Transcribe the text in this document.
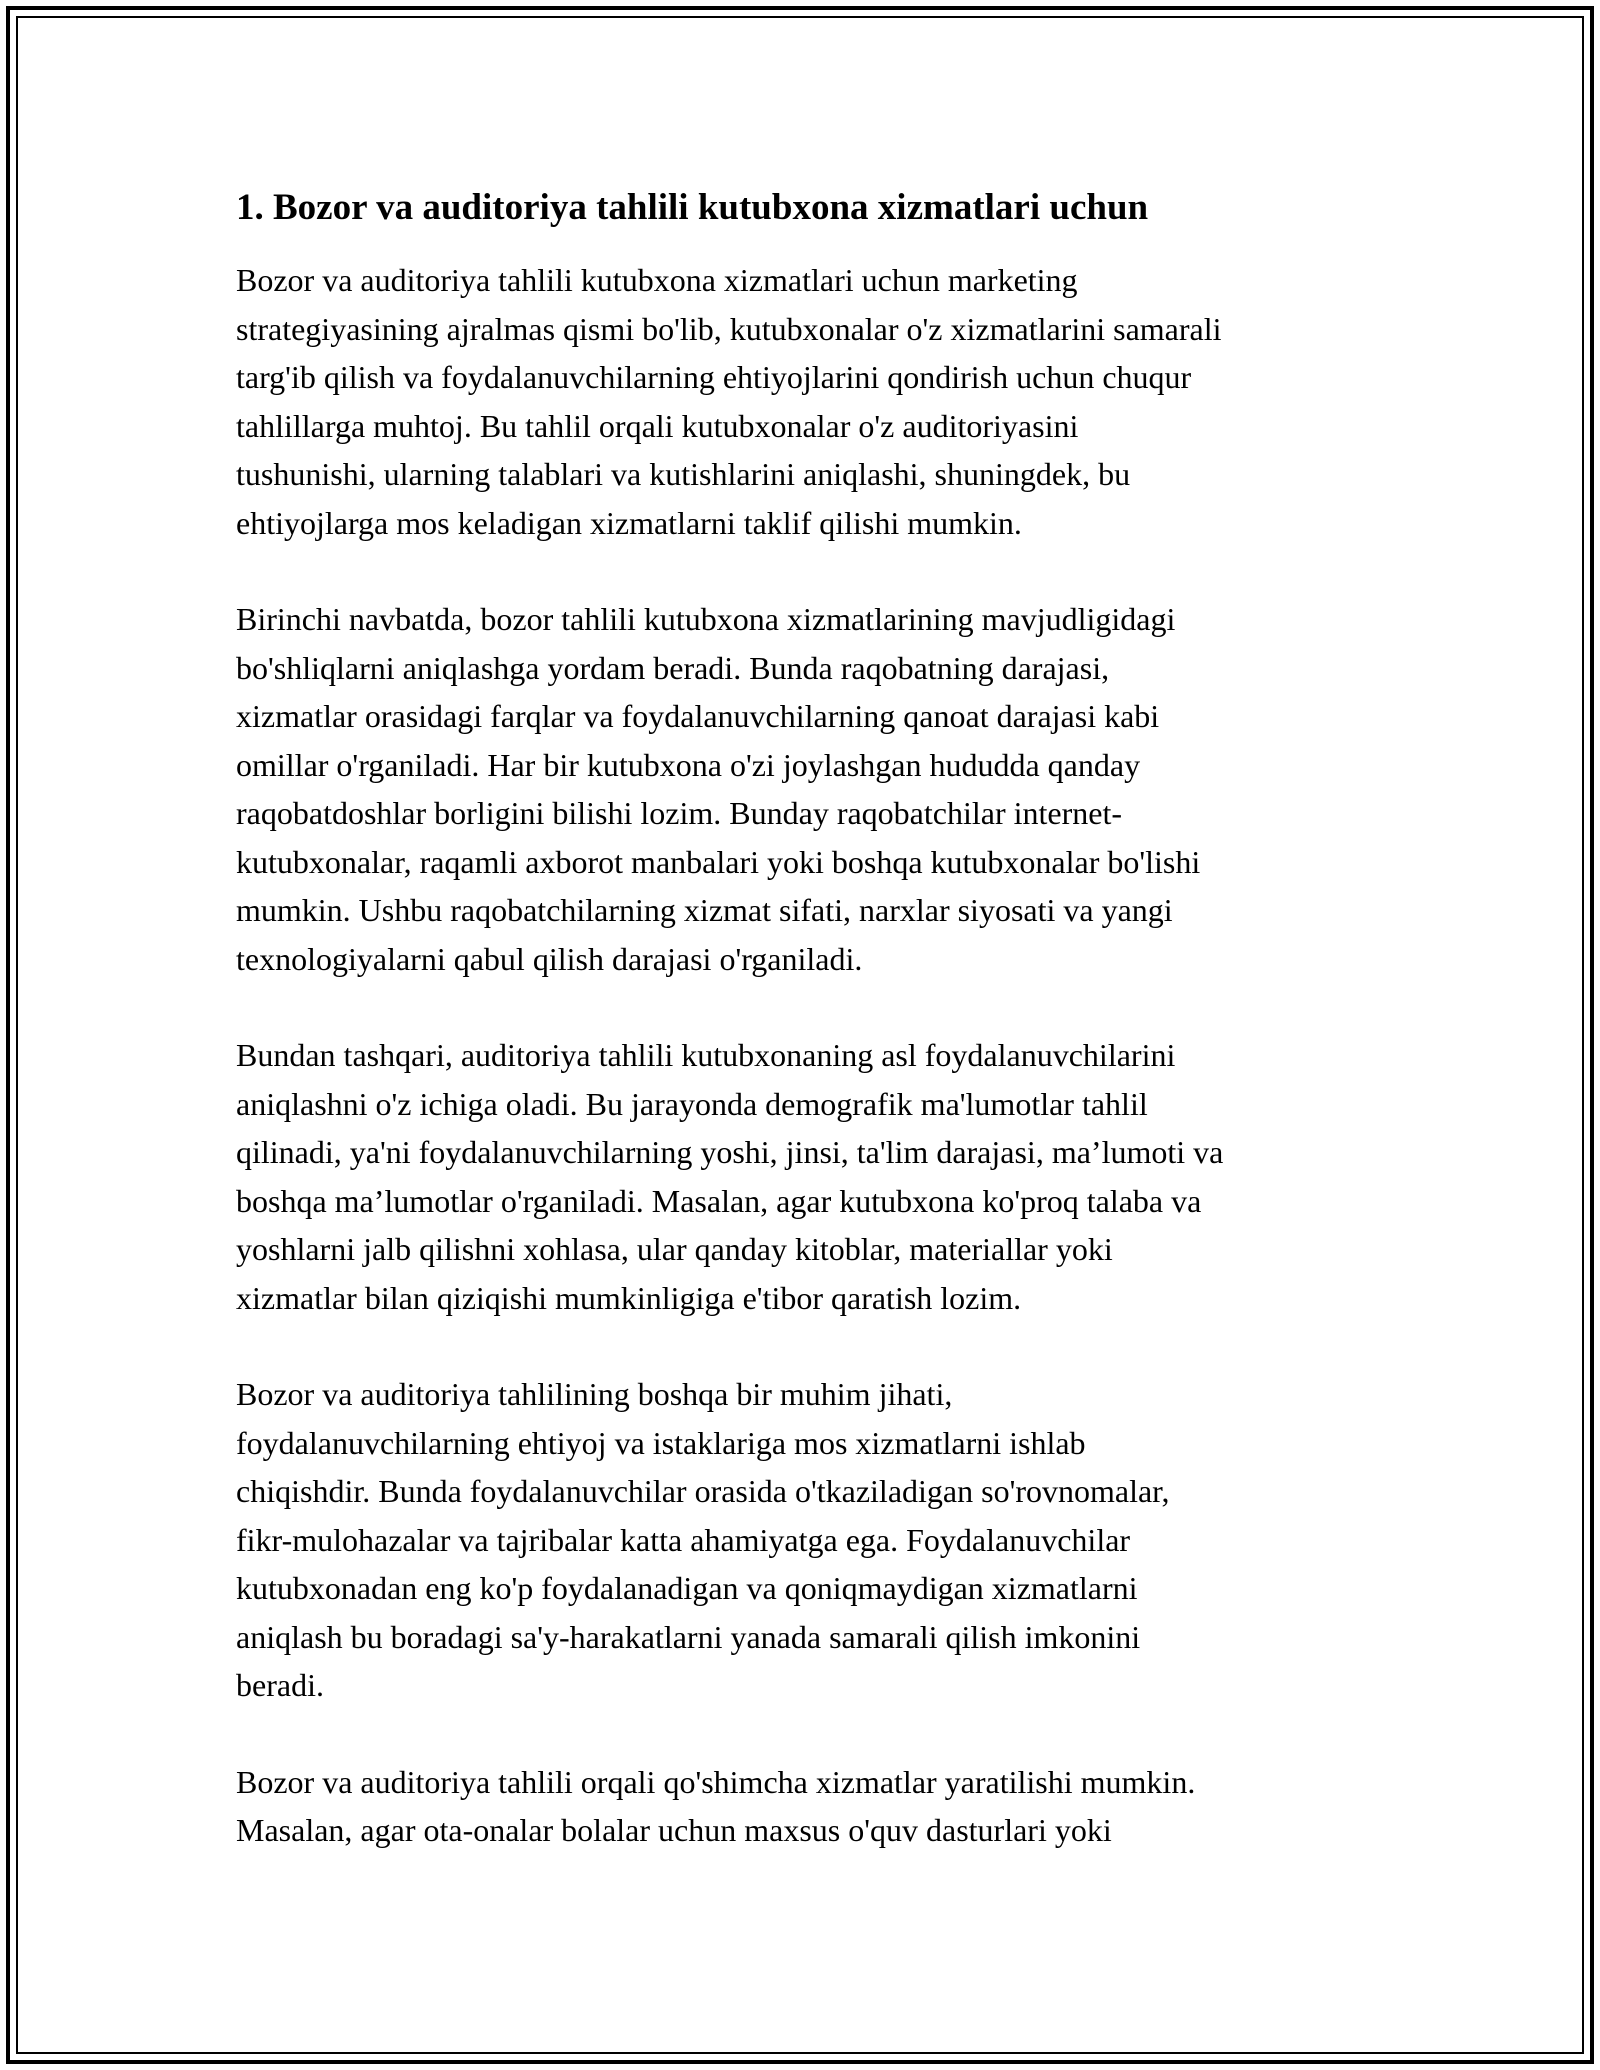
1. Bozor va auditoriya tahlili kutubxona xizmatlari uchun
Bozor va auditoriya tahlili kutubxona xizmatlari uchun marketing
strategiyasining ajralmas qismi bo'lib, kutubxonalar o'z xizmatlarini samarali
targ'ib qilish va foydalanuvchilarning ehtiyojlarini qondirish uchun chuqur
tahlillarga muhtoj. Bu tahlil orqali kutubxonalar o'z auditoriyasini
tushunishi, ularning talablari va kutishlarini aniqlashi, shuningdek, bu
ehtiyojlarga mos keladigan xizmatlarni taklif qilishi mumkin.
Birinchi navbatda, bozor tahlili kutubxona xizmatlarining mavjudligidagi
bo'shliqlarni aniqlashga yordam beradi. Bunda raqobatning darajasi,
xizmatlar orasidagi farqlar va foydalanuvchilarning qanoat darajasi kabi
omillar o'rganiladi. Har bir kutubxona o'zi joylashgan hududda qanday
raqobatdoshlar borligini bilishi lozim. Bunday raqobatchilar internet-
kutubxonalar, raqamli axborot manbalari yoki boshqa kutubxonalar bo'lishi
mumkin. Ushbu raqobatchilarning xizmat sifati, narxlar siyosati va yangi
texnologiyalarni qabul qilish darajasi o'rganiladi.
Bundan tashqari, auditoriya tahlili kutubxonaning asl foydalanuvchilarini
aniqlashni o'z ichiga oladi. Bu jarayonda demografik ma'lumotlar tahlil
qilinadi, ya'ni foydalanuvchilarning yoshi, jinsi, ta'lim darajasi, ma’lumoti va
boshqa ma’lumotlar o'rganiladi. Masalan, agar kutubxona ko'proq talaba va
yoshlarni jalb qilishni xohlasa, ular qanday kitoblar, materiallar yoki
xizmatlar bilan qiziqishi mumkinligiga e'tibor qaratish lozim.
Bozor va auditoriya tahlilining boshqa bir muhim jihati,
foydalanuvchilarning ehtiyoj va istaklariga mos xizmatlarni ishlab
chiqishdir. Bunda foydalanuvchilar orasida o'tkaziladigan so'rovnomalar,
fikr-mulohazalar va tajribalar katta ahamiyatga ega. Foydalanuvchilar
kutubxonadan eng ko'p foydalanadigan va qoniqmaydigan xizmatlarni
aniqlash bu boradagi sa'y-harakatlarni yanada samarali qilish imkonini
beradi.
Bozor va auditoriya tahlili orqali qo'shimcha xizmatlar yaratilishi mumkin.
Masalan, agar ota-onalar bolalar uchun maxsus o'quv dasturlari yoki
